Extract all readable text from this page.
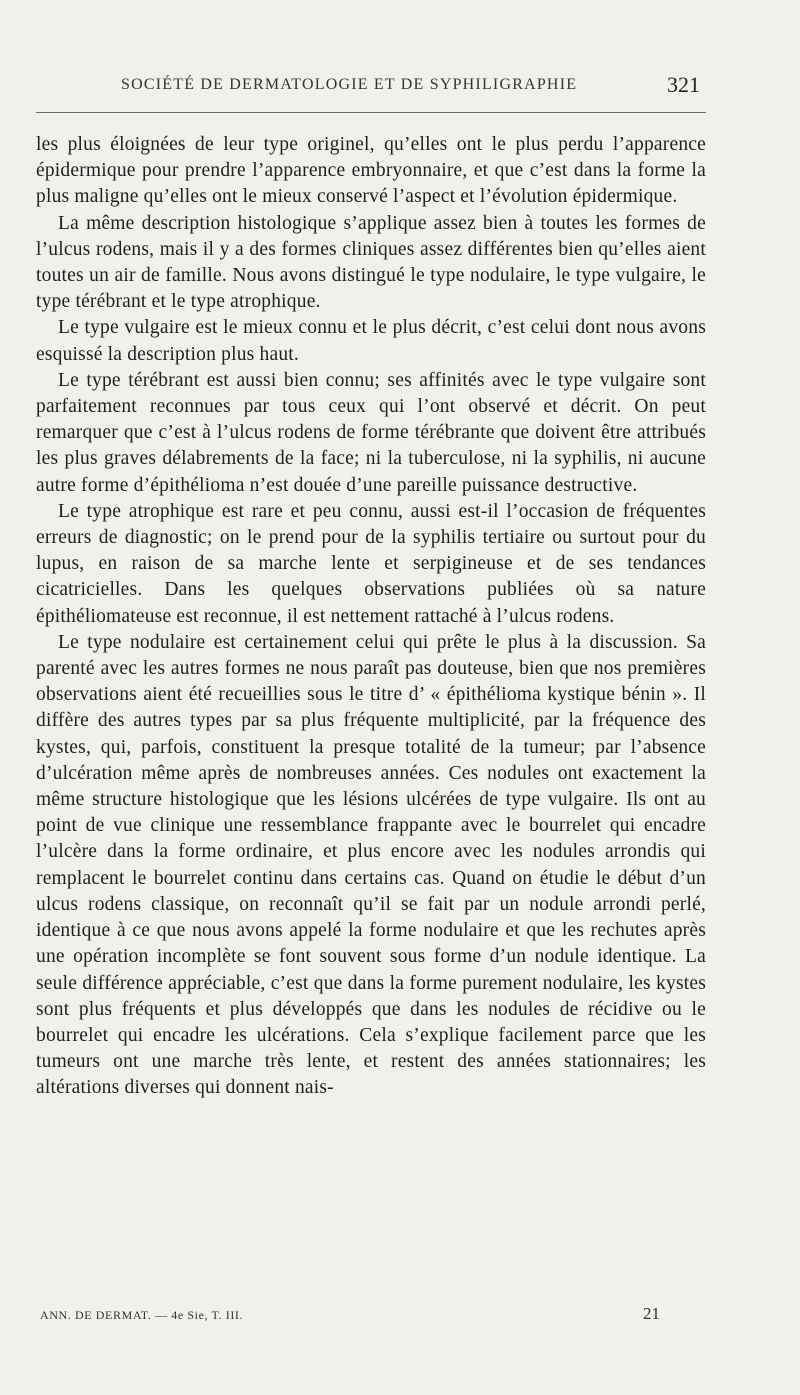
SOCIÉTÉ DE DERMATOLOGIE ET DE SYPHILIGRAPHIE	321

les plus éloignées de leur type originel, qu’elles ont le plus perdu l’apparence épidermique pour prendre l’apparence embryonnaire, et que c’est dans la forme la plus maligne qu’elles ont le mieux conservé l’aspect et l’évolution épidermique.

La même description histologique s’applique assez bien à toutes les formes de l’ulcus rodens, mais il y a des formes cliniques assez différentes bien qu’elles aient toutes un air de famille. Nous avons distingué le type nodulaire, le type vulgaire, le type térébrant et le type atrophique.

Le type vulgaire est le mieux connu et le plus décrit, c’est celui dont nous avons esquissé la description plus haut.

Le type térébrant est aussi bien connu; ses affinités avec le type vulgaire sont parfaitement reconnues par tous ceux qui l’ont observé et décrit. On peut remarquer que c’est à l’ulcus rodens de forme térébrante que doivent être attribués les plus graves délabrements de la face; ni la tuberculose, ni la syphilis, ni aucune autre forme d’épithélioma n’est douée d’une pareille puissance destructive.

Le type atrophique est rare et peu connu, aussi est-il l’occasion de fréquentes erreurs de diagnostic; on le prend pour de la syphilis tertiaire ou surtout pour du lupus, en raison de sa marche lente et serpigineuse et de ses tendances cicatricielles. Dans les quelques observations publiées où sa nature épithéliomateuse est reconnue, il est nettement rattaché à l’ulcus rodens.

Le type nodulaire est certainement celui qui prête le plus à la discussion. Sa parenté avec les autres formes ne nous paraît pas douteuse, bien que nos premières observations aient été recueillies sous le titre d’ « épithélioma kystique bénin ». Il diffère des autres types par sa plus fréquente multiplicité, par la fréquence des kystes, qui, parfois, constituent la presque totalité de la tumeur; par l’absence d’ulcération même après de nombreuses années. Ces nodules ont exactement la même structure histologique que les lésions ulcérées de type vulgaire. Ils ont au point de vue clinique une ressemblance frappante avec le bourrelet qui encadre l’ulcère dans la forme ordinaire, et plus encore avec les nodules arrondis qui remplacent le bourrelet continu dans certains cas. Quand on étudie le début d’un ulcus rodens classique, on reconnaît qu’il se fait par un nodule arrondi perlé, identique à ce que nous avons appelé la forme nodulaire et que les rechutes après une opération incomplète se font souvent sous forme d’un nodule identique. La seule différence appréciable, c’est que dans la forme purement nodulaire, les kystes sont plus fréquents et plus développés que dans les nodules de récidive ou le bourrelet qui encadre les ulcérations. Cela s’explique facilement parce que les tumeurs ont une marche très lente, et restent des années stationnaires; les altérations diverses qui donnent nais-

ANN. DE DERMAT. — 4e Sie, T. III.	21
